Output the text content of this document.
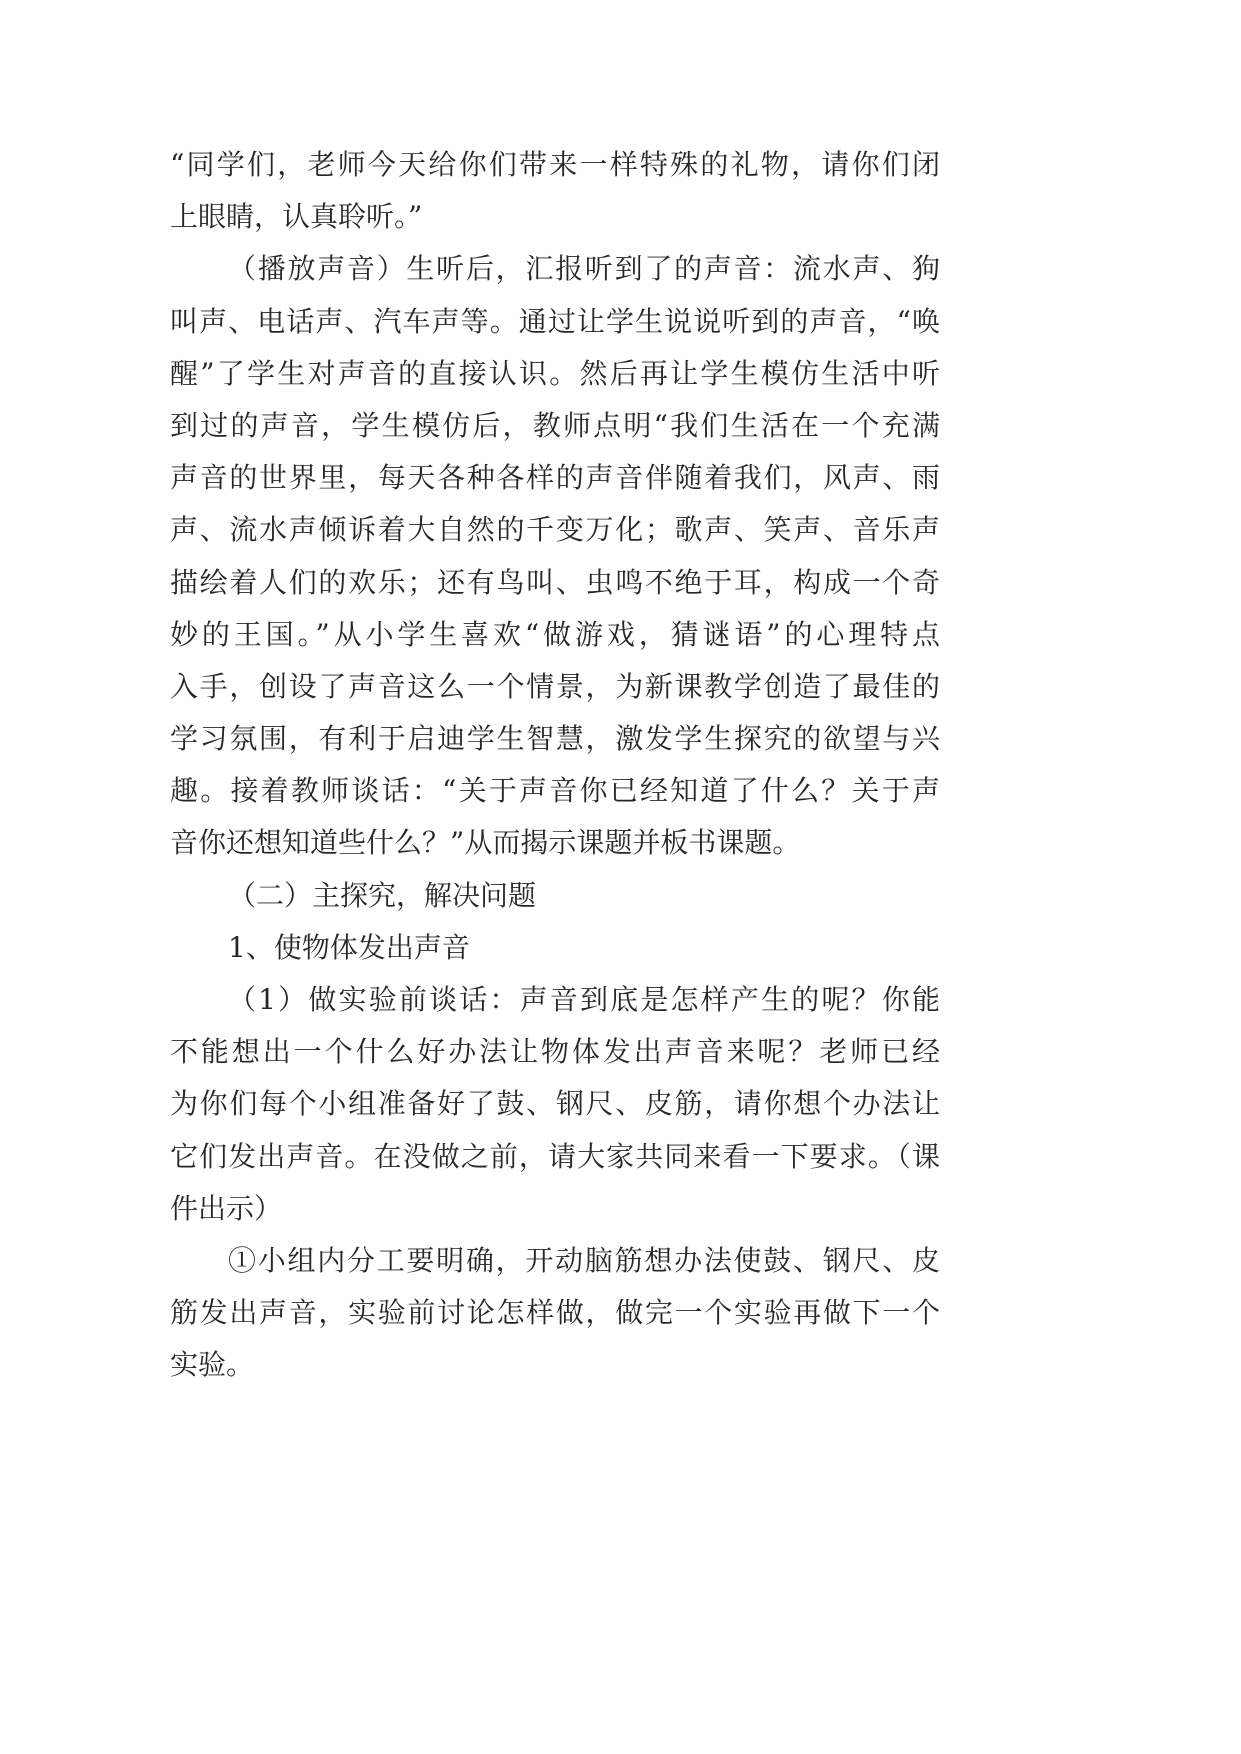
“同学们，老师今天给你们带来一样特殊的礼物，请你们闭
上眼睛，认真聆听。”
（播放声音）生听后，汇报听到了的声音：流水声、狗
叫声、电话声、汽车声等。通过让学生说说听到的声音，“唤
醒”了学生对声音的直接认识。然后再让学生模仿生活中听
到过的声音，学生模仿后，教师点明“我们生活在一个充满
声音的世界里，每天各种各样的声音伴随着我们，风声、雨
声、流水声倾诉着大自然的千变万化；歌声、笑声、音乐声
描绘着人们的欢乐；还有鸟叫、虫鸣不绝于耳，构成一个奇
妙的王国。”从小学生喜欢“做游戏，猜谜语”的心理特点
入手，创设了声音这么一个情景，为新课教学创造了最佳的
学习氛围，有利于启迪学生智慧，激发学生探究的欲望与兴
趣。接着教师谈话：“关于声音你已经知道了什么？关于声
音你还想知道些什么？”从而揭示课题并板书课题。
（二）主探究，解决问题
1、使物体发出声音
（1）做实验前谈话：声音到底是怎样产生的呢？你能
不能想出一个什么好办法让物体发出声音来呢？老师已经
为你们每个小组准备好了鼓、钢尺、皮筋，请你想个办法让
它们发出声音。在没做之前，请大家共同来看一下要求。（课
件出示）
①小组内分工要明确，开动脑筋想办法使鼓、钢尺、皮
筋发出声音，实验前讨论怎样做，做完一个实验再做下一个
实验。
